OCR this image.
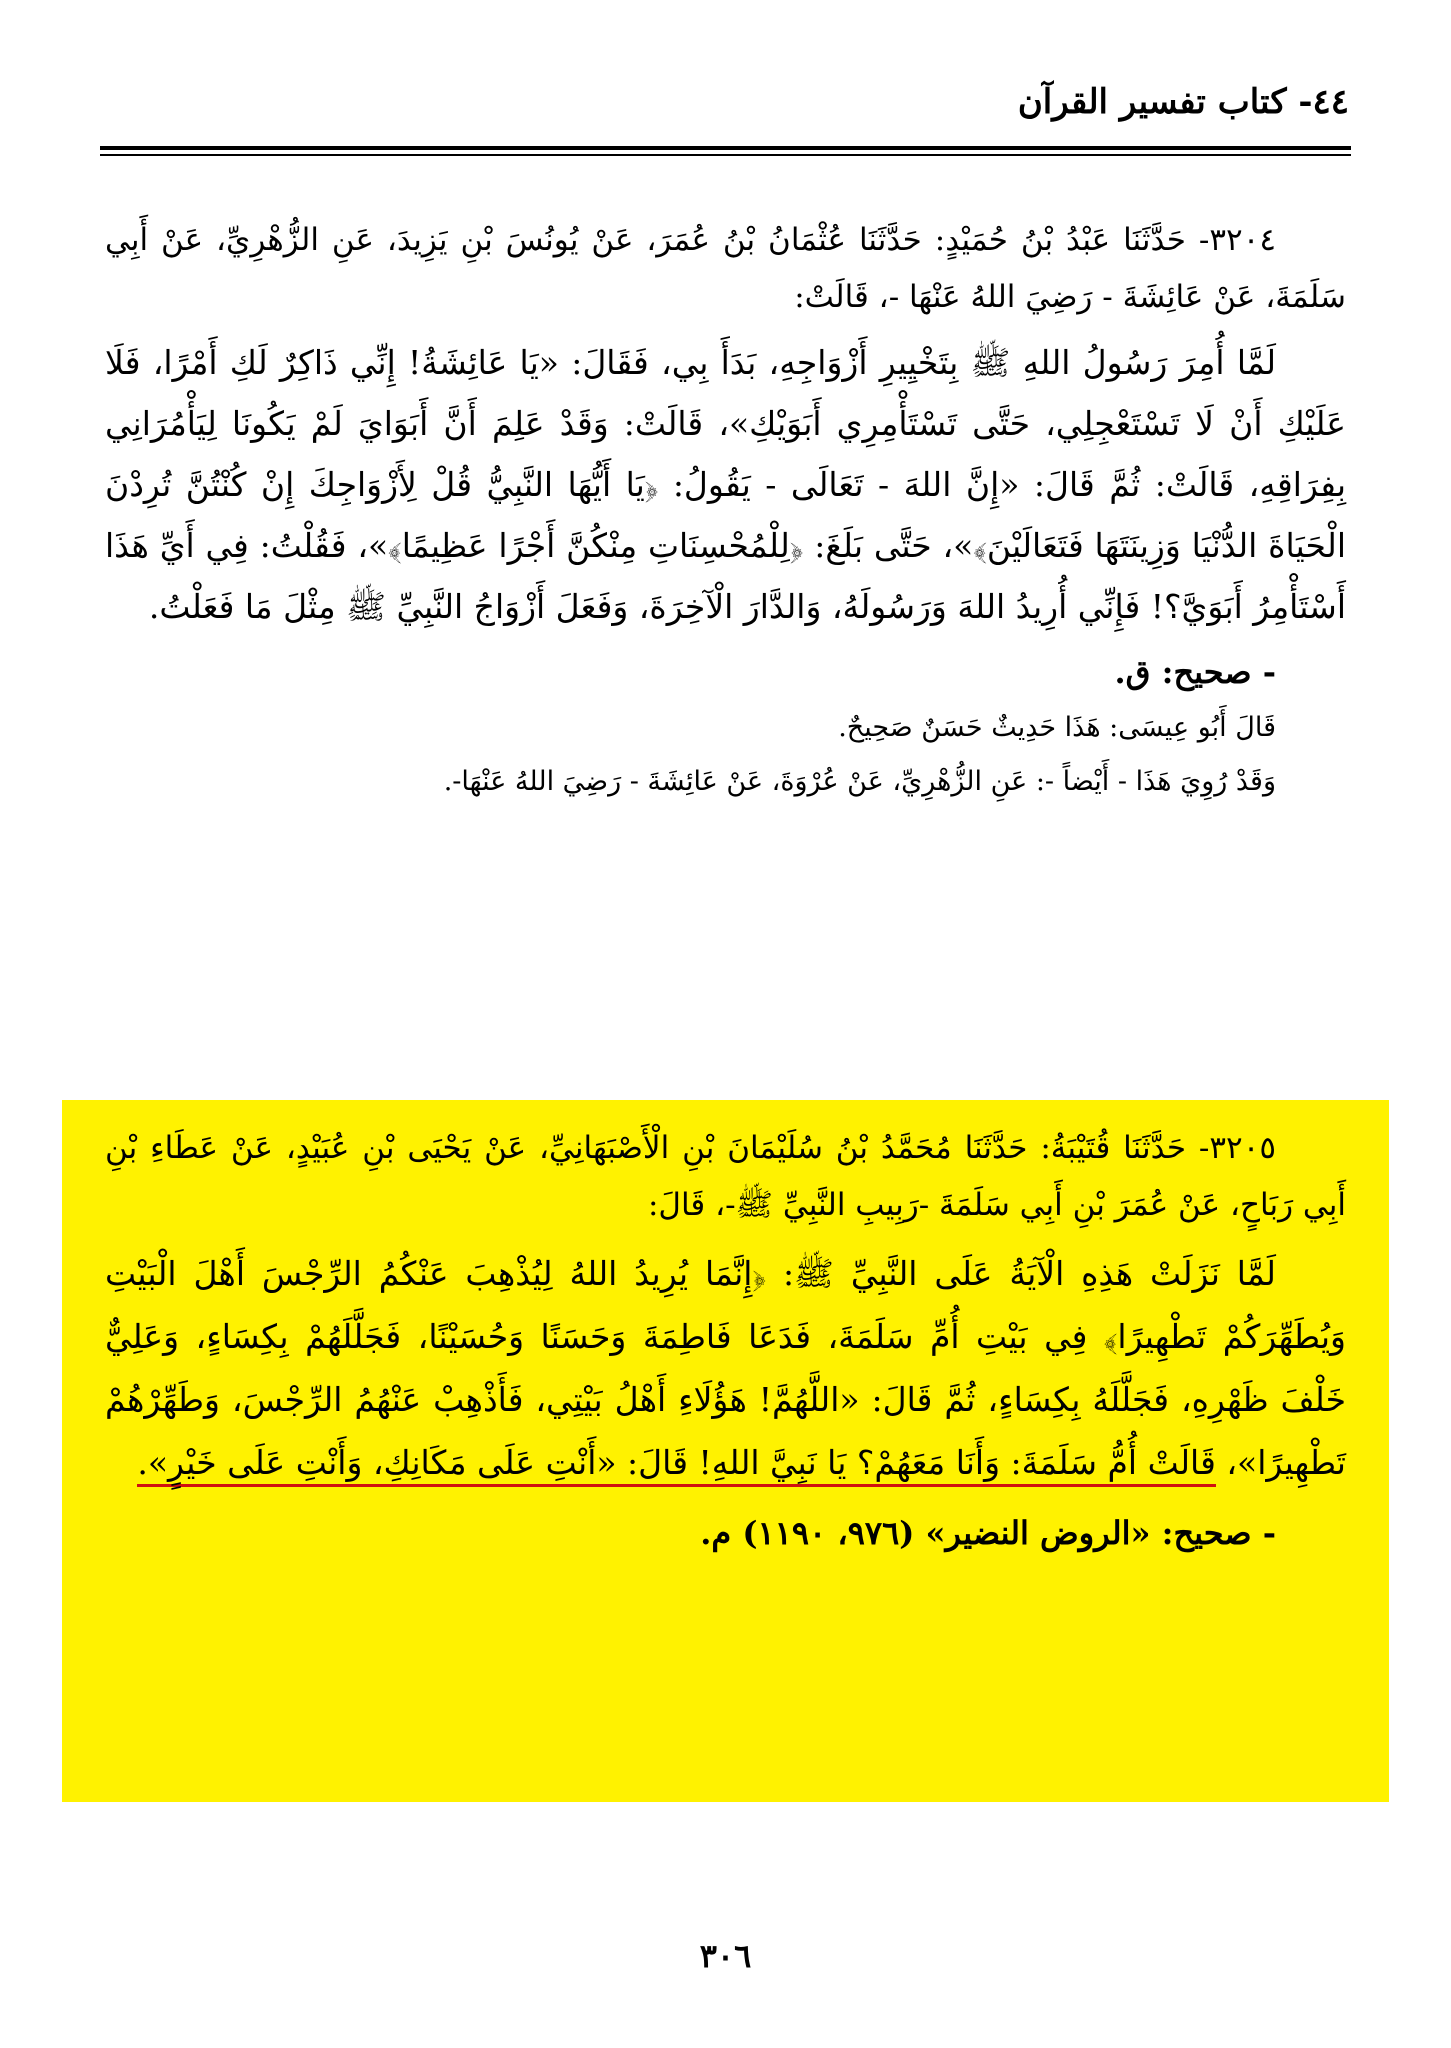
٤٤- كتاب تفسير القرآن

٣٢٠٤- حَدَّثَنَا عَبْدُ بْنُ حُمَيْدٍ: حَدَّثَنَا عُثْمَانُ بْنُ عُمَرَ، عَنْ يُونُسَ بْنِ يَزِيدَ، عَنِ الزُّهْرِيِّ، عَنْ أَبِي سَلَمَةَ، عَنْ عَائِشَةَ - رَضِيَ اللهُ عَنْهَا -، قَالَتْ:

لَمَّا أُمِرَ رَسُولُ اللهِ ﷺ بِتَخْيِيرِ أَزْوَاجِهِ، بَدَأَ بِي، فَقَالَ: «يَا عَائِشَةُ! إِنِّي ذَاكِرٌ لَكِ أَمْرًا، فَلَا عَلَيْكِ أَنْ لَا تَسْتَعْجِلِي، حَتَّى تَسْتَأْمِرِي أَبَوَيْكِ»، قَالَتْ: وَقَدْ عَلِمَ أَنَّ أَبَوَايَ لَمْ يَكُونَا لِيَأْمُرَانِي بِفِرَاقِهِ، قَالَتْ: ثُمَّ قَالَ: «إِنَّ اللهَ - تَعَالَى - يَقُولُ: ﴿يَا أَيُّهَا النَّبِيُّ قُلْ لِأَزْوَاجِكَ إِنْ كُنْتُنَّ تُرِدْنَ الْحَيَاةَ الدُّنْيَا وَزِينَتَهَا فَتَعَالَيْنَ﴾»، حَتَّى بَلَغَ: ﴿لِلْمُحْسِنَاتِ مِنْكُنَّ أَجْرًا عَظِيمًا﴾»، فَقُلْتُ: فِي أَيِّ هَذَا أَسْتَأْمِرُ أَبَوَيَّ؟! فَإِنِّي أُرِيدُ اللهَ وَرَسُولَهُ، وَالدَّارَ الْآخِرَةَ، وَفَعَلَ أَزْوَاجُ النَّبِيِّ ﷺ مِثْلَ مَا فَعَلْتُ.

- صحيح: ق.

قَالَ أَبُو عِيسَى: هَذَا حَدِيثٌ حَسَنٌ صَحِيحٌ.

وَقَدْ رُوِيَ هَذَا - أَيْضاً -: عَنِ الزُّهْرِيِّ، عَنْ عُرْوَةَ، عَنْ عَائِشَةَ - رَضِيَ اللهُ عَنْهَا-.

٣٢٠٥- حَدَّثَنَا قُتَيْبَةُ: حَدَّثَنَا مُحَمَّدُ بْنُ سُلَيْمَانَ بْنِ الْأَصْبَهَانِيِّ، عَنْ يَحْيَى بْنِ عُبَيْدٍ، عَنْ عَطَاءِ بْنِ أَبِي رَبَاحٍ، عَنْ عُمَرَ بْنِ أَبِي سَلَمَةَ -رَبِيبِ النَّبِيِّ ﷺ-، قَالَ:

لَمَّا نَزَلَتْ هَذِهِ الْآيَةُ عَلَى النَّبِيِّ ﷺ: ﴿إِنَّمَا يُرِيدُ اللهُ لِيُذْهِبَ عَنْكُمُ الرِّجْسَ أَهْلَ الْبَيْتِ وَيُطَهِّرَكُمْ تَطْهِيرًا﴾ فِي بَيْتِ أُمِّ سَلَمَةَ، فَدَعَا فَاطِمَةَ وَحَسَنًا وَحُسَيْنًا، فَجَلَّلَهُمْ بِكِسَاءٍ، وَعَلِيٌّ خَلْفَ ظَهْرِهِ، فَجَلَّلَهُ بِكِسَاءٍ، ثُمَّ قَالَ: «اللَّهُمَّ! هَؤُلَاءِ أَهْلُ بَيْتِي، فَأَذْهِبْ عَنْهُمُ الرِّجْسَ، وَطَهِّرْهُمْ تَطْهِيرًا»، قَالَتْ أُمُّ سَلَمَةَ: وَأَنَا مَعَهُمْ؟ يَا نَبِيَّ اللهِ! قَالَ: «أَنْتِ عَلَى مَكَانِكِ، وَأَنْتِ عَلَى خَيْرٍ».

- صحيح: «الروض النضير» (٩٧٦، ١١٩٠) م.

٣٠٦
